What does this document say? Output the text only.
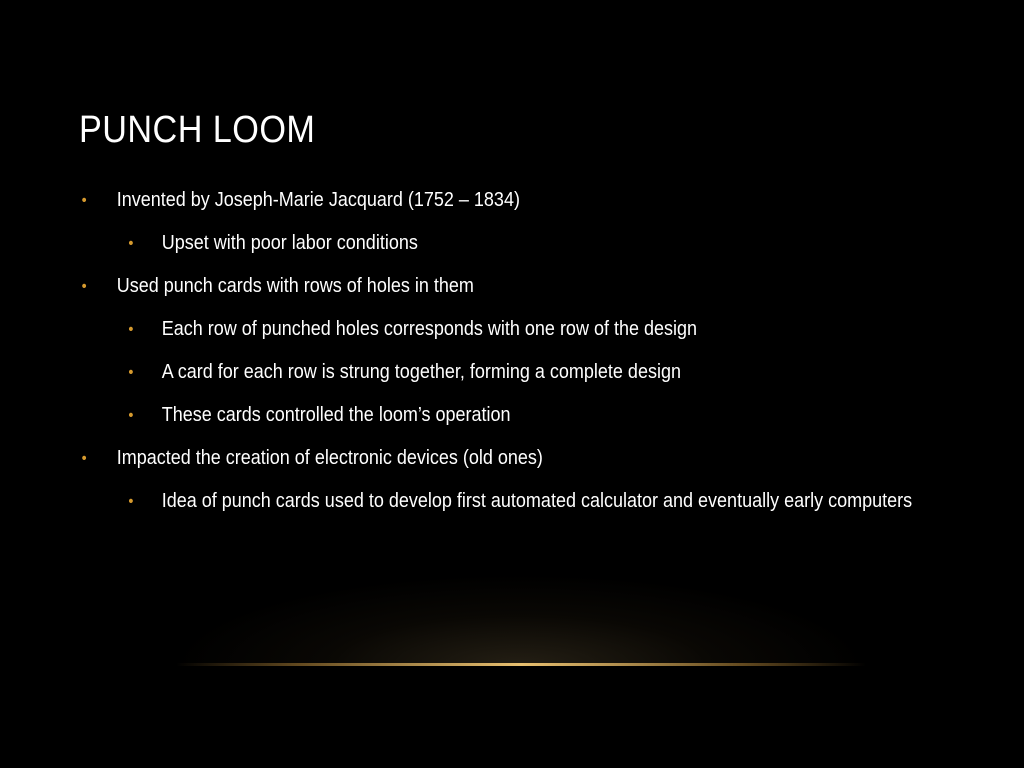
PUNCH LOOM
• Invented by Joseph-Marie Jacquard (1752 – 1834)
• Upset with poor labor conditions
• Used punch cards with rows of holes in them
• Each row of punched holes corresponds with one row of the design
• A card for each row is strung together, forming a complete design
• These cards controlled the loom’s operation
• Impacted the creation of electronic devices (old ones)
• Idea of punch cards used to develop first automated calculator and eventually early computers
